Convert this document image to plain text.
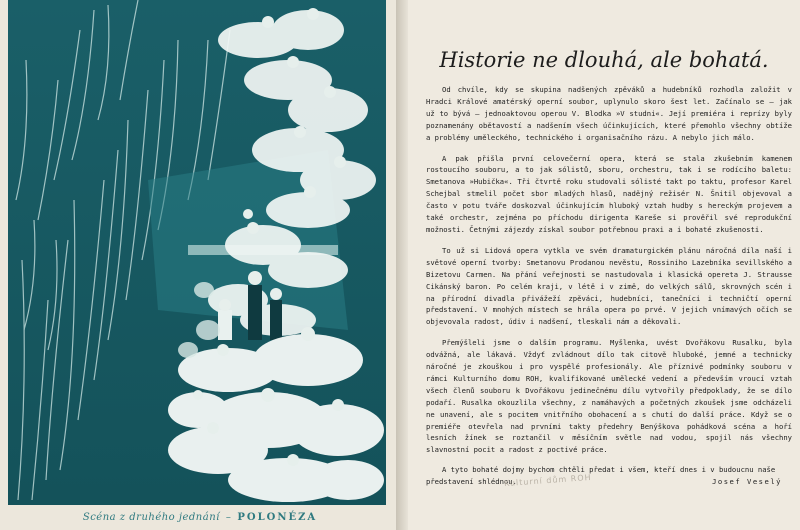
Scéna z druhého jednání – POLONÉZA
Historie ne dlouhá, ale bohatá.

Od chvíle, kdy se skupina nadšených zpěváků a hudebníků rozhodla založit v Hradci Králové amatérský operní soubor, uplynulo skoro šest let. Začínalo se – jak už to bývá – jednoaktovou operou V. Blodka »V studni«. Její premiéra i reprízy byly poznamenány obětavostí a nadšením všech účinkujících, které přemohlo všechny obtíže a problémy uměleckého, technického i organisačního rázu. A nebylo jich málo.

A pak přišla první celovečerní opera, která se stala zkušebním kamenem rostoucího souboru, a to jak sólistů, sboru, orchestru, tak i se rodícího baletu: Smetanova »Hubička«. Tři čtvrtě roku studovali sólisté takt po taktu, profesor Karel Schejbal stmelil počet sbor mladých hlasů, nadějný režisér N. Šnitil objevoval a často v potu tváře doskozval účinkujícím hluboký vztah hudby s hereckým projevem a také orchestr, zejména po příchodu dirigenta Kareše si prověřil své reprodukční možnosti. Četnými zájezdy získal soubor potřebnou praxi a i bohaté zkušenosti.

To už si Lidová opera vytkla ve svém dramaturgickém plánu náročná díla naší i světové operní tvorby: Smetanovu Prodanou nevěstu, Rossiniho Lazebníka sevillského a Bizetovu Carmen. Na přání veřejnosti se nastudovala i klasická opereta J. Strausse Cikánský baron. Po celém kraji, v létě i v zimě, do velkých sálů, skrovných scén i na přírodní divadla přivážeží zpěváci, hudebníci, tanečníci i techničtí operní představení. V mnohých místech se hrála opera po prvé. V jejich vnímavých očích se objevovala radost, údiv i nadšení, tleskali nám a děkovali.

Přemýšleli jsme o dalším programu. Myšlenka, uvést Dvořákovu Rusalku, byla odvážná, ale lákavá. Vždyť zvládnout dílo tak citově hluboké, jemné a technicky náročné je zkouškou i pro vyspělé profesionály. Ale příznivé podmínky souboru v rámci Kulturního domu ROH, kvalifikované umělecké vedení a především vroucí vztah všech členů souboru k Dvořákovu jedinečnému dílu vytvořily předpoklady, že se dílo podaří. Rusalka okouzlila všechny, z namáhavých a početných zkoušek jsme odcházeli ne unavení, ale s pocitem vnitřního obohacení a s chutí do další práce. Když se o premiéře otevřela nad prvními takty předehry Benýškova pohádková scéna a hoří lesních žínek se roztančil v měsíčním světle nad vodou, spojil nás všechny slavnostní pocit a radost z poctivé práce.

A tyto bohaté dojmy bychom chtěli předat i všem, kteří dnes i v budoucnu naše představení shlédnou.	Josef Veselý
Kulturní dům ROH
